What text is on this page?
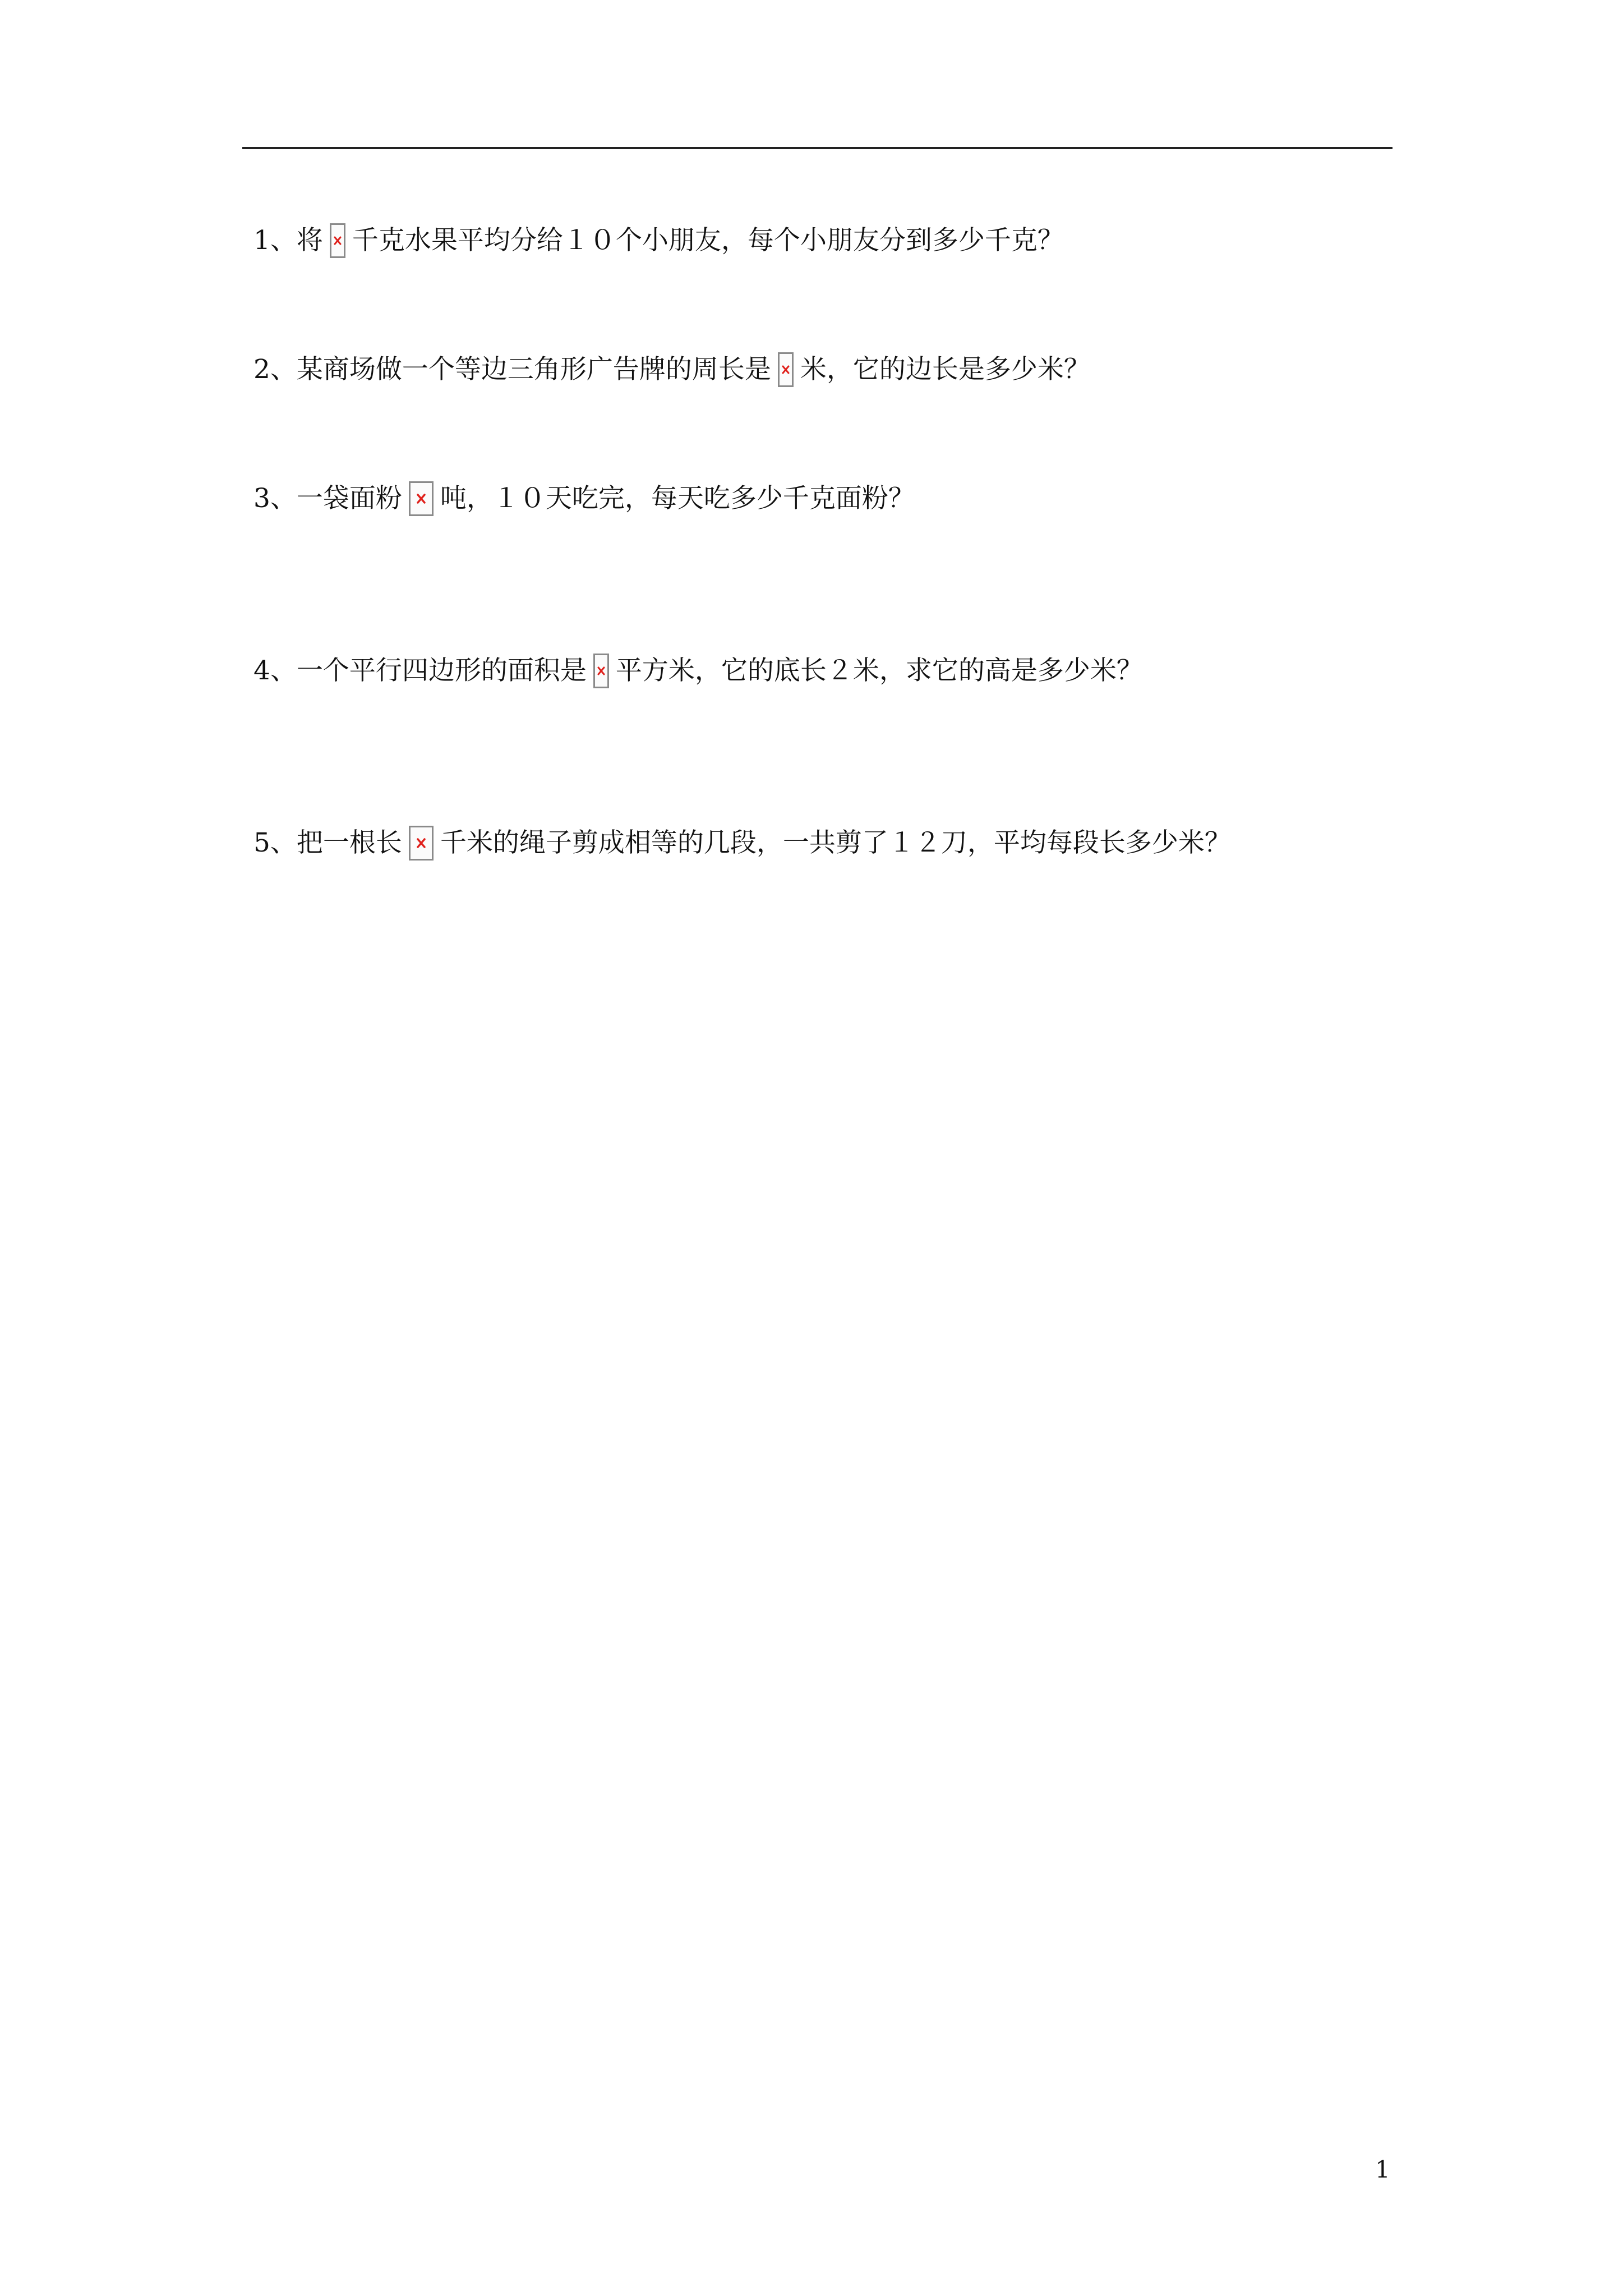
1、将 千克水果平均分给１０个小朋友，每个小朋友分到多少千克？
2、某商场做一个等边三角形广告牌的周长是 米，它的边长是多少米？
3、一袋面粉 吨，１０天吃完，每天吃多少千克面粉？
4、一个平行四边形的面积是 平方米，它的底长２米，求它的高是多少米？
5、把一根长 千米的绳子剪成相等的几段，一共剪了１２刀，平均每段长多少米？
1
